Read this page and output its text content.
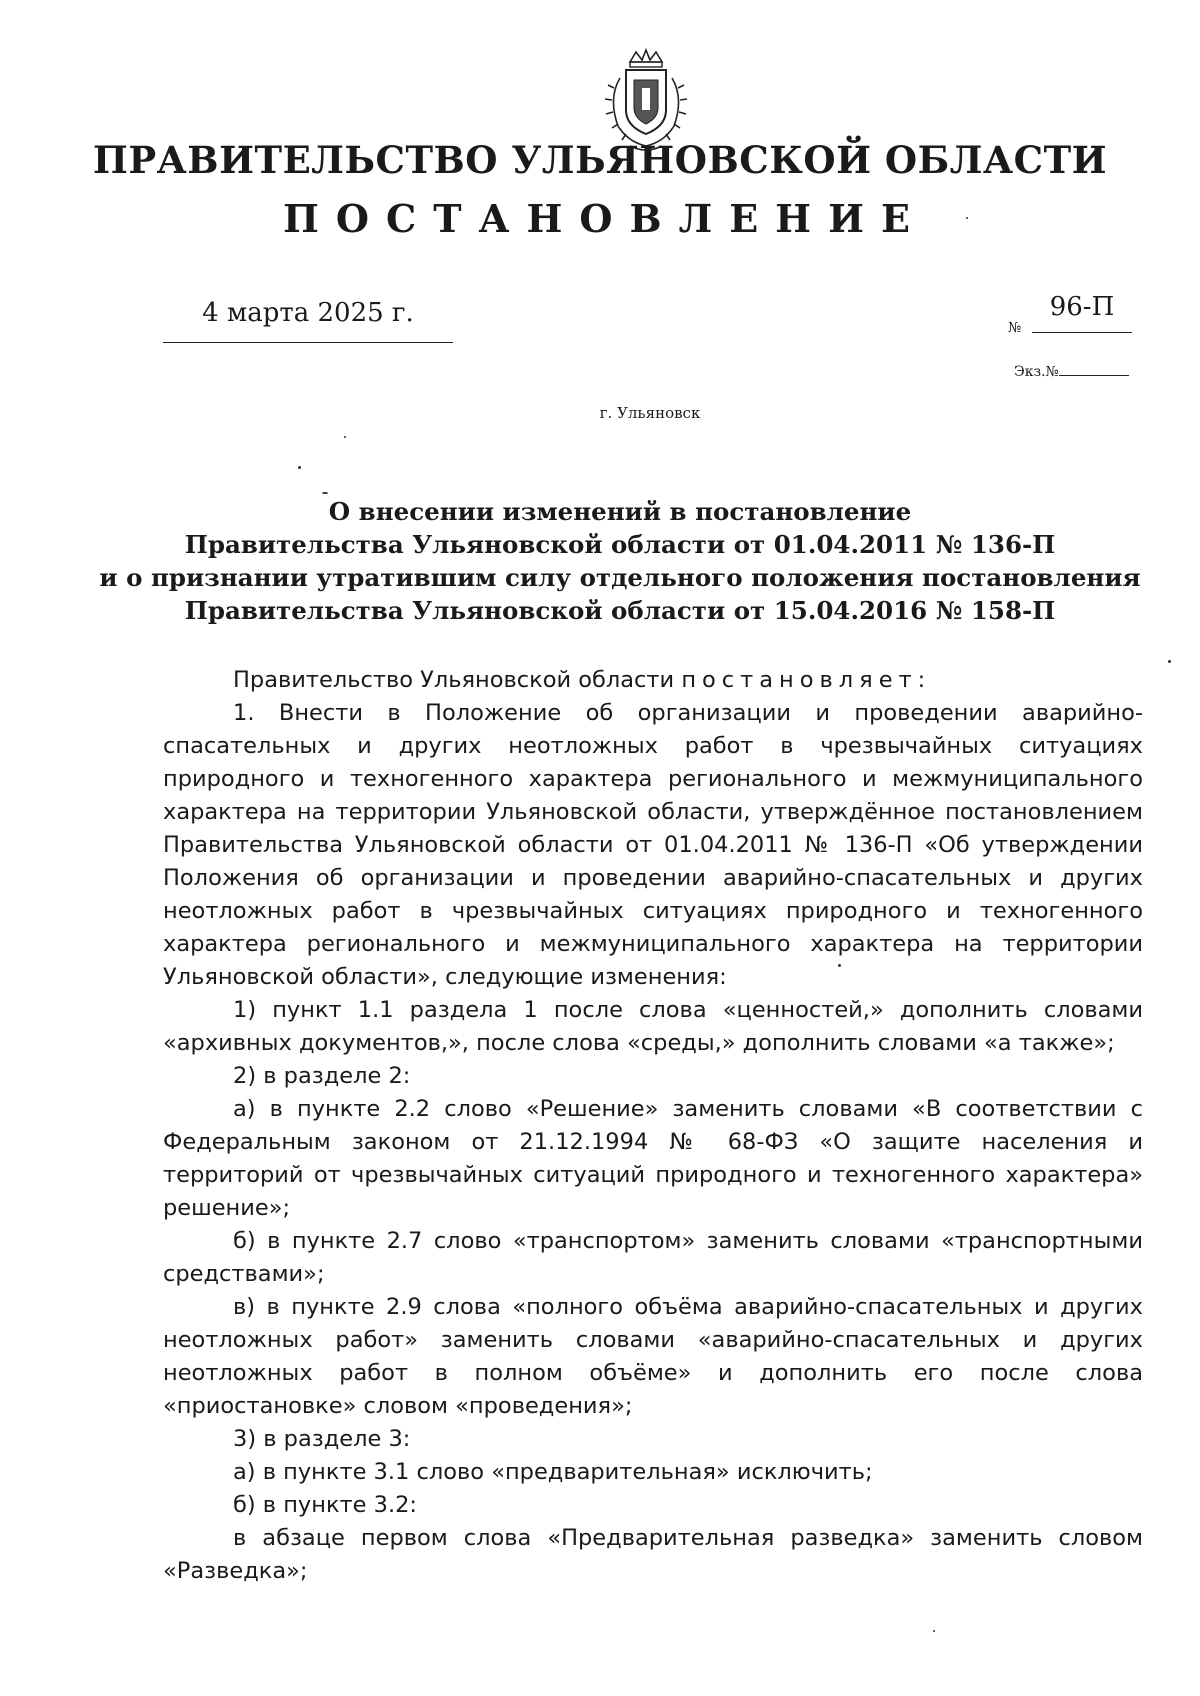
ПРАВИТЕЛЬСТВО УЛЬЯНОВСКОЙ ОБЛАСТИ
ПОСТАНОВЛЕНИЕ
4 марта 2025 г.	№
96-П
Экз.№
г. Ульяновск
О внесении изменений в постановление
Правительства Ульяновской области от 01.04.2011 № 136-П
и о признании утратившим силу отдельного положения постановления
Правительства Ульяновской области от 15.04.2016 № 158-П

Правительство Ульяновской области постановляет:

1. Внести в Положение об организации и проведении аварийно-спасательных и других неотложных работ в чрезвычайных ситуациях природного и техногенного характера регионального и межмуниципального характера на территории Ульяновской области, утверждённое постановлением Правительства Ульяновской области от 01.04.2011 № 136-П «Об утверждении Положения об организации и проведении аварийно-спасательных и других неотложных работ в чрезвычайных ситуациях природного и техногенного характера регионального и межмуниципального характера на территории Ульяновской области», следующие изменения:

1) пункт 1.1 раздела 1 после слова «ценностей,» дополнить словами «архивных документов,», после слова «среды,» дополнить словами «а также»;

2) в разделе 2:

а) в пункте 2.2 слово «Решение» заменить словами «В соответствии с Федеральным законом от 21.12.1994 № 68-ФЗ «О защите населения и территорий от чрезвычайных ситуаций природного и техногенного характера» решение»;

б) в пункте 2.7 слово «транспортом» заменить словами «транспортными средствами»;

в) в пункте 2.9 слова «полного объёма аварийно-спасательных и других неотложных работ» заменить словами «аварийно-спасательных и других неотложных работ в полном объёме» и дополнить его после слова «приостановке» словом «проведения»;

3) в разделе 3:

а) в пункте 3.1 слово «предварительная» исключить;

б) в пункте 3.2:

в абзаце первом слова «Предварительная разведка» заменить словом «Разведка»;
